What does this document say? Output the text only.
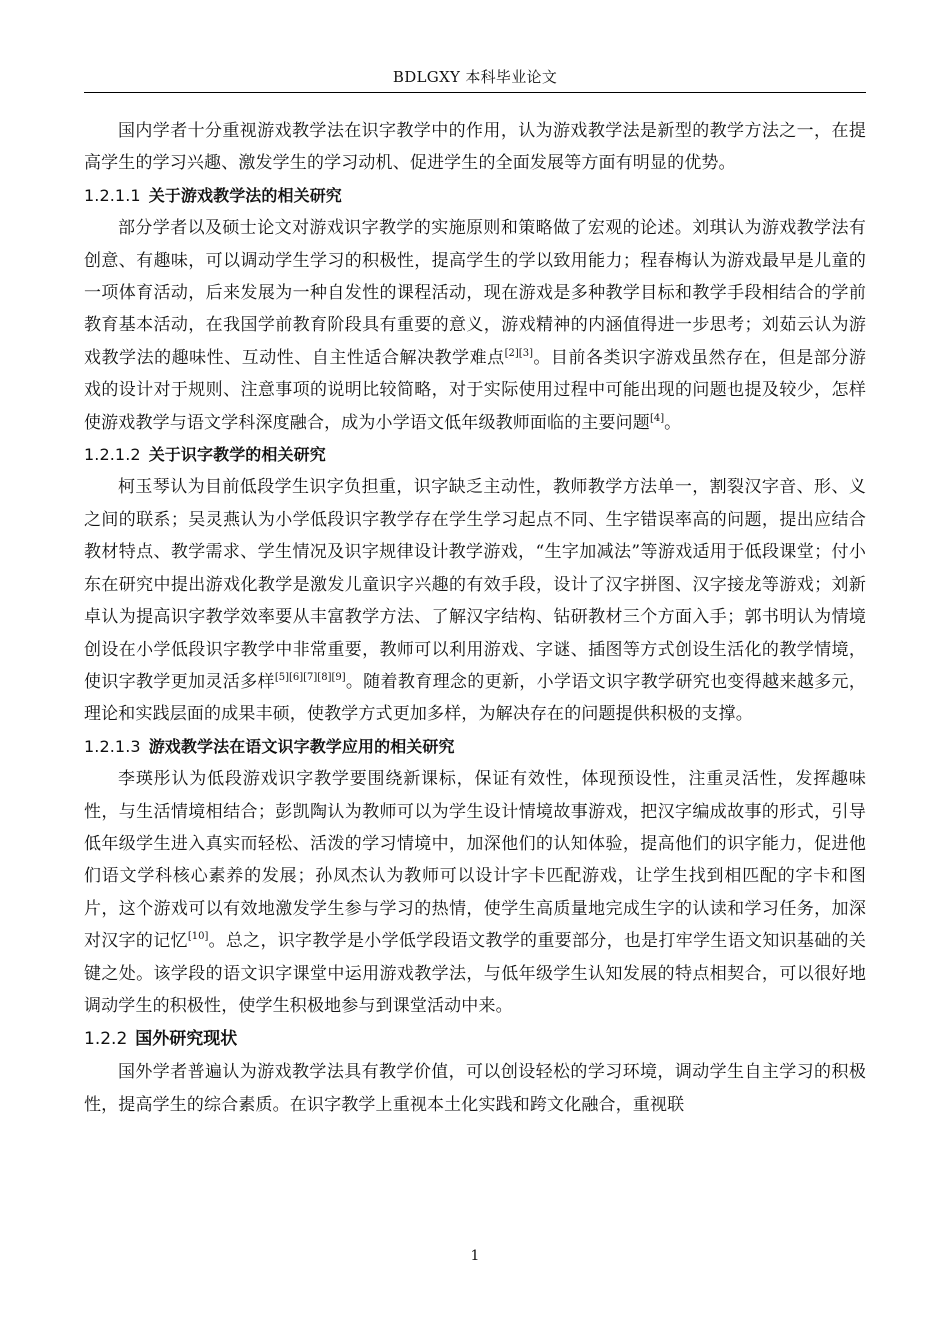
BDLGXY 本科毕业论文

国内学者十分重视游戏教学法在识字教学中的作用，认为游戏教学法是新型的教学方法之一，在提高学生的学习兴趣、激发学生的学习动机、促进学生的全面发展等方面有明显的优势。

1.2.1.1 关于游戏教学法的相关研究

部分学者以及硕士论文对游戏识字教学的实施原则和策略做了宏观的论述。刘琪认为游戏教学法有创意、有趣味，可以调动学生学习的积极性，提高学生的学以致用能力；程春梅认为游戏最早是儿童的一项体育活动，后来发展为一种自发性的课程活动，现在游戏是多种教学目标和教学手段相结合的学前教育基本活动，在我国学前教育阶段具有重要的意义，游戏精神的内涵值得进一步思考；刘茹云认为游戏教学法的趣味性、互动性、自主性适合解决教学难点[2][3]。目前各类识字游戏虽然存在，但是部分游戏的设计对于规则、注意事项的说明比较简略，对于实际使用过程中可能出现的问题也提及较少，怎样使游戏教学与语文学科深度融合，成为小学语文低年级教师面临的主要问题[4]。

1.2.1.2 关于识字教学的相关研究

柯玉琴认为目前低段学生识字负担重，识字缺乏主动性，教师教学方法单一，割裂汉字音、形、义之间的联系；吴灵燕认为小学低段识字教学存在学生学习起点不同、生字错误率高的问题，提出应结合教材特点、教学需求、学生情况及识字规律设计教学游戏，“生字加减法”等游戏适用于低段课堂；付小东在研究中提出游戏化教学是激发儿童识字兴趣的有效手段，设计了汉字拼图、汉字接龙等游戏；刘新卓认为提高识字教学效率要从丰富教学方法、了解汉字结构、钻研教材三个方面入手；郭书明认为情境创设在小学低段识字教学中非常重要，教师可以利用游戏、字谜、插图等方式创设生活化的教学情境，使识字教学更加灵活多样[5][6][7][8][9]。随着教育理念的更新，小学语文识字教学研究也变得越来越多元，理论和实践层面的成果丰硕，使教学方式更加多样，为解决存在的问题提供积极的支撑。

1.2.1.3 游戏教学法在语文识字教学应用的相关研究

李瑛彤认为低段游戏识字教学要围绕新课标，保证有效性，体现预设性，注重灵活性，发挥趣味性，与生活情境相结合；彭凯陶认为教师可以为学生设计情境故事游戏，把汉字编成故事的形式，引导低年级学生进入真实而轻松、活泼的学习情境中，加深他们的认知体验，提高他们的识字能力，促进他们语文学科核心素养的发展；孙凤杰认为教师可以设计字卡匹配游戏，让学生找到相匹配的字卡和图片，这个游戏可以有效地激发学生参与学习的热情，使学生高质量地完成生字的认读和学习任务，加深对汉字的记忆[10]。总之，识字教学是小学低学段语文教学的重要部分，也是打牢学生语文知识基础的关键之处。该学段的语文识字课堂中运用游戏教学法，与低年级学生认知发展的特点相契合，可以很好地调动学生的积极性，使学生积极地参与到课堂活动中来。

1.2.2 国外研究现状

国外学者普遍认为游戏教学法具有教学价值，可以创设轻松的学习环境，调动学生自主学习的积极性，提高学生的综合素质。在识字教学上重视本土化实践和跨文化融合，重视联

1
